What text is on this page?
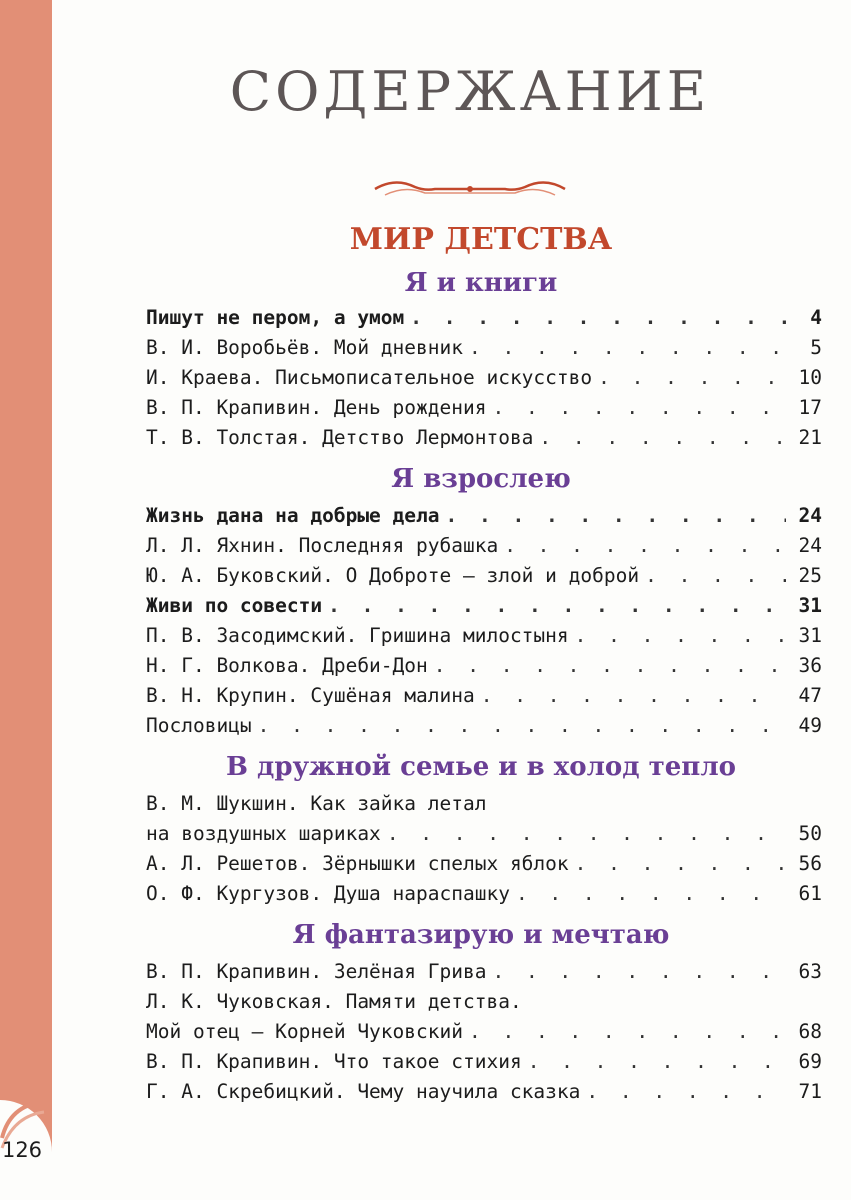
126
СОДЕРЖАНИЕ
МИР ДЕТСТВА
Я и книги
Пишут не пером, а умом . . .	4
В. И. Воробьёв. Мой дневник . . .	5
И. Краева. Письмописательное искусство . . .	10
В. П. Крапивин. День рождения . . .	17
Т. В. Толстая. Детство Лермонтова . . .	21
Я взрослею
Жизнь дана на добрые дела . . .	24
Л. Л. Яхнин. Последняя рубашка . . .	24
Ю. А. Буковский. О Доброте — злой и доброй . . .	25
Живи по совести . . .	31
П. В. Засодимский. Гришина милостыня . . .	31
Н. Г. Волкова. Дреби-Дон . . .	36
В. Н. Крупин. Сушёная малина . . .	47
Пословицы . . .	49
В дружной семье и в холод тепло
В. М. Шукшин. Как зайка летал
на воздушных шариках . . .	50
А. Л. Решетов. Зёрнышки спелых яблок . . .	56
О. Ф. Кургузов. Душа нараспашку . . .	61
Я фантазирую и мечтаю
В. П. Крапивин. Зелёная Грива . . .	63
Л. К. Чуковская. Памяти детства.
Мой отец — Корней Чуковский . . .	68
В. П. Крапивин. Что такое стихия . . .	69
Г. А. Скребицкий. Чему научила сказка . . .	71
